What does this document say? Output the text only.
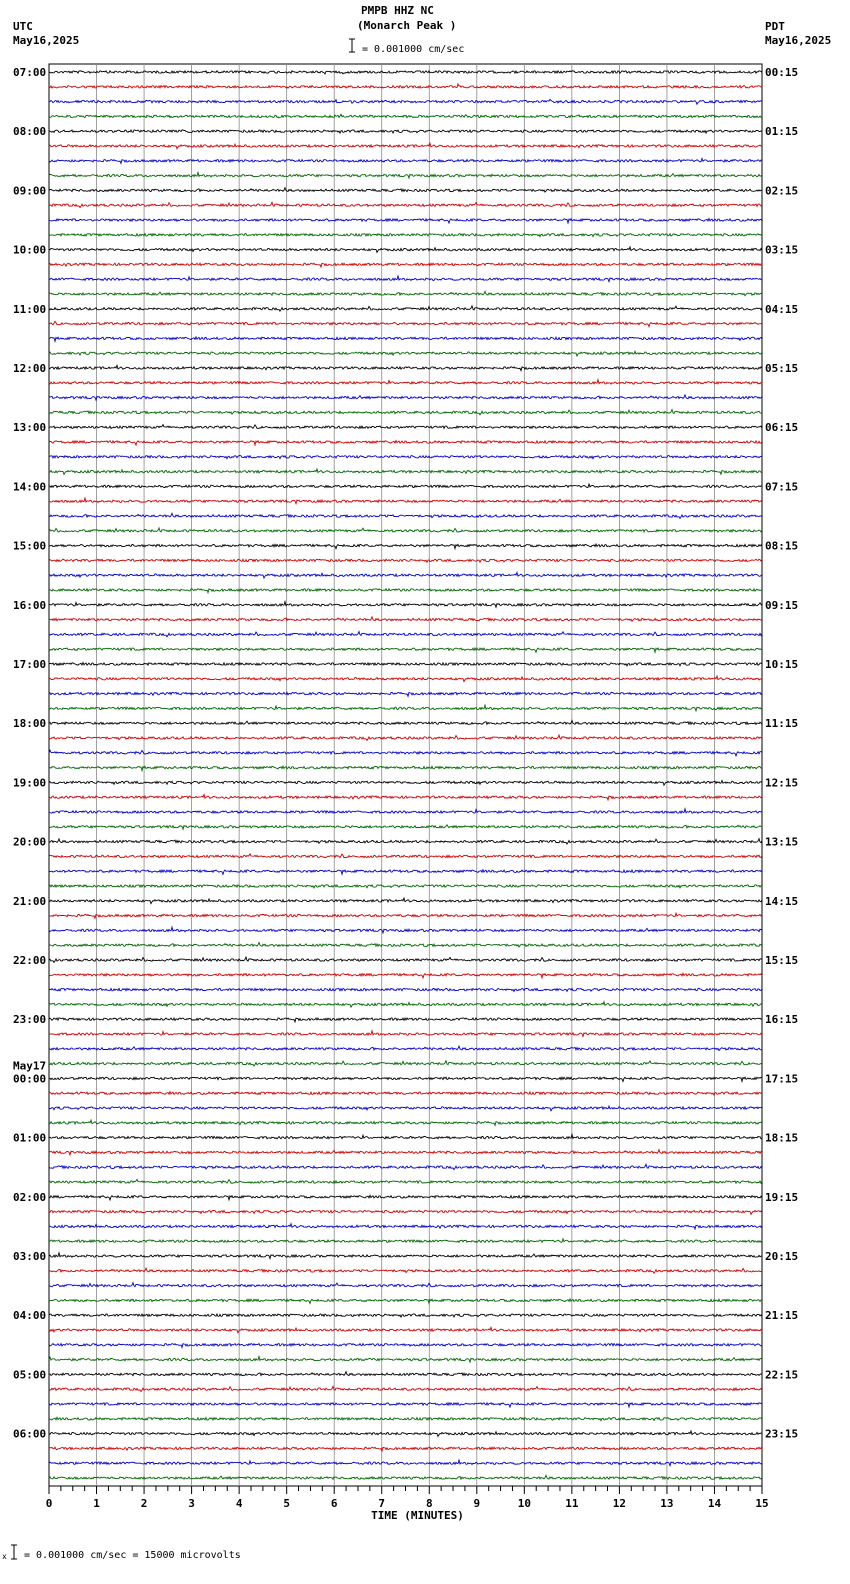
PMPB HHZ NC
(Monarch Peak )
= 0.001000 cm/sec
UTC
May16,2025
PDT
May16,2025
07:00
08:00
09:00
10:00
11:00
12:00
13:00
14:00
15:00
16:00
17:00
18:00
19:00
20:00
21:00
22:00
23:00
00:00
01:00
02:00
03:00
04:00
05:00
06:00
May17
00:15
01:15
02:15
03:15
04:15
05:15
06:15
07:15
08:15
09:15
10:15
11:15
12:15
13:15
14:15
15:15
16:15
17:15
18:15
19:15
20:15
21:15
22:15
23:15
0	1	2	3	4	5	6	7	8	9	10	11	12	13	14	15
TIME (MINUTES)
x = 0.001000 cm/sec = 15000 microvolts
